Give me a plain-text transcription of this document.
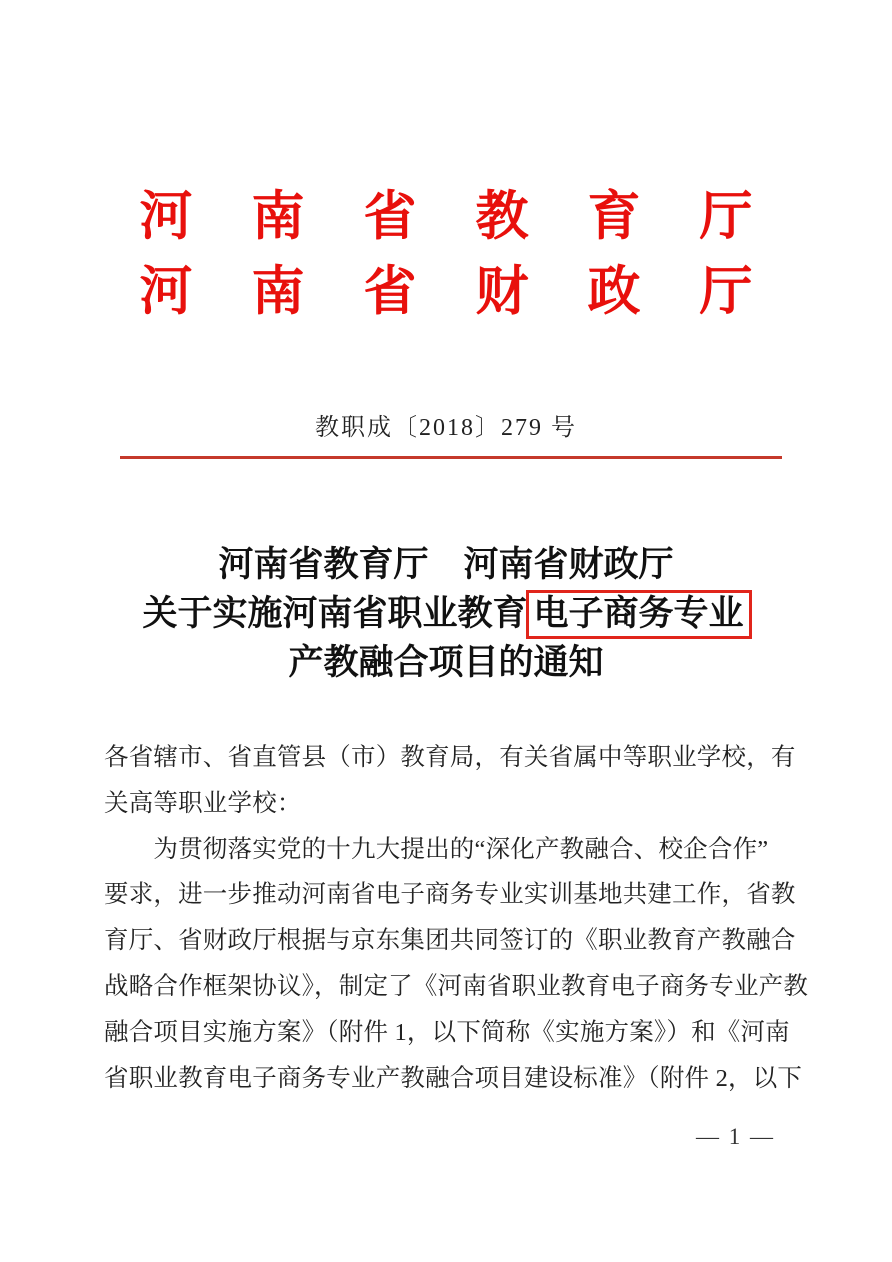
河南省教育厅
河南省财政厅
教职成〔2018〕279 号
河南省教育厅　河南省财政厅
关于实施河南省职业教育 电子商务专业
产教融合项目的通知
各省辖市、省直管县（市）教育局，有关省属中等职业学校，有
关高等职业学校：
　　为贯彻落实党的十九大提出的“深化产教融合、校企合作”
要求，进一步推动河南省电子商务专业实训基地共建工作，省教
育厅、省财政厅根据与京东集团共同签订的《职业教育产教融合
战略合作框架协议》，制定了《河南省职业教育电子商务专业产教
融合项目实施方案》（附件 1，以下简称《实施方案》）和《河南
省职业教育电子商务专业产教融合项目建设标准》（附件 2，以下
— 1 —
